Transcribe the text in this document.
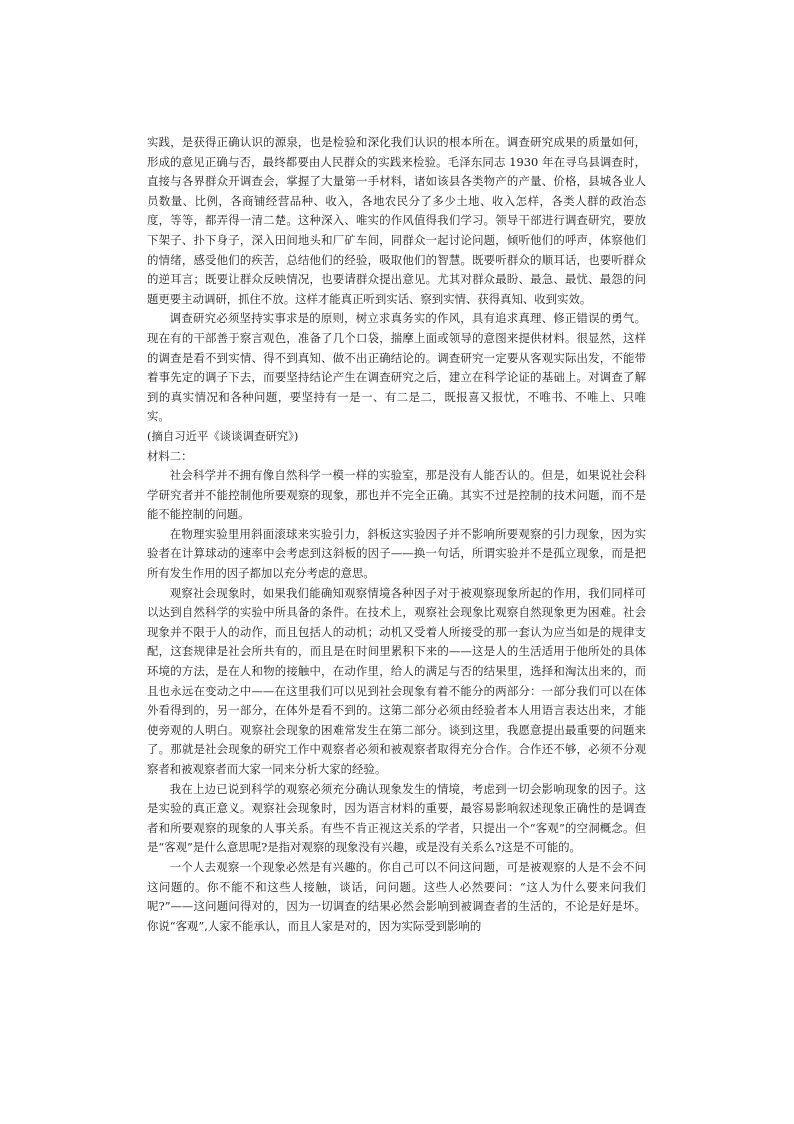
实践，是获得正确认识的源泉，也是检验和深化我们认识的根本所在。调查研究成果的质量如何，形成的意见正确与否，最终都要由人民群众的实践来检验。毛泽东同志 1930 年在寻乌县调查时，直接与各界群众开调查会，掌握了大量第一手材料，诸如该县各类物产的产量、价格，县城各业人员数量、比例，各商铺经营品种、收入，各地农民分了多少土地、收入怎样，各类人群的政治态度，等等，都弄得一清二楚。这种深入、唯实的作风值得我们学习。领导干部进行调查研究，要放下架子、扑下身子，深入田间地头和厂矿车间，同群众一起讨论问题，倾听他们的呼声，体察他们的情绪，感受他们的疾苦，总结他们的经验，吸取他们的智慧。既要听群众的顺耳话，也要听群众的逆耳言；既要让群众反映情况，也要请群众提出意见。尤其对群众最盼、最急、最忧、最怨的问题更要主动调研，抓住不放。这样才能真正听到实话、察到实情、获得真知、收到实效。

调查研究必须坚持实事求是的原则，树立求真务实的作风，具有追求真理、修正错误的勇气。现在有的干部善于察言观色，准备了几个口袋，揣摩上面或领导的意图来提供材料。很显然，这样的调查是看不到实情、得不到真知、做不出正确结论的。调查研究一定要从客观实际出发，不能带着事先定的调子下去，而要坚持结论产生在调查研究之后，建立在科学论证的基础上。对调查了解到的真实情况和各种问题，要坚持有一是一、有二是二，既报喜又报忧，不唯书、不唯上、只唯实。

(摘自习近平《谈谈调查研究》)

材料二：

社会科学并不拥有像自然科学一模一样的实验室，那是没有人能否认的。但是，如果说社会科学研究者并不能控制他所要观察的现象，那也并不完全正确。其实不过是控制的技术问题，而不是能不能控制的问题。

在物理实验里用斜面滚球来实验引力，斜板这实验因子并不影响所要观察的引力现象，因为实验者在计算球动的速率中会考虑到这斜板的因子——换一句话，所谓实验并不是孤立现象，而是把所有发生作用的因子都加以充分考虑的意思。

观察社会现象时，如果我们能确知观察情境各种因子对于被观察现象所起的作用，我们同样可以达到自然科学的实验中所具备的条件。在技术上，观察社会现象比观察自然现象更为困难。社会现象并不限于人的动作，而且包括人的动机；动机又受着人所接受的那一套认为应当如是的规律支配，这套规律是社会所共有的，而且是在时间里累积下来的——这是人的生活适用于他所处的具体环境的方法，是在人和物的接触中，在动作里，给人的满足与否的结果里，选择和淘汰出来的，而且也永远在变动之中——在这里我们可以见到社会现象有着不能分的两部分：一部分我们可以在体外看得到的，另一部分，在体外是看不到的。这第二部分必须由经验者本人用语言表达出来，才能使旁观的人明白。观察社会现象的困难常发生在第二部分。谈到这里，我愿意提出最重要的问题来了。那就是社会现象的研究工作中观察者必须和被观察者取得充分合作。合作还不够，必须不分观察者和被观察者而大家一同来分析大家的经验。

我在上边已说到科学的观察必须充分确认现象发生的情境，考虑到一切会影响现象的因子。这是实验的真正意义。观察社会现象时，因为语言材料的重要，最容易影响叙述现象正确性的是调查者和所要观察的现象的人事关系。有些不肯正视这关系的学者，只提出一个“客观”的空洞概念。但是“客观”是什么意思呢?是指对观察的现象没有兴趣，或是没有关系么?这是不可能的。

一个人去观察一个现象必然是有兴趣的。你自己可以不问这问题，可是被观察的人是不会不问这问题的。你不能不和这些人接触，谈话，问问题。这些人必然要问：“这人为什么要来问我们呢?”——这问题问得对的，因为一切调查的结果必然会影响到被调查者的生活的，不论是好是坏。你说“客观”,人家不能承认，而且人家是对的，因为实际受到影响的
